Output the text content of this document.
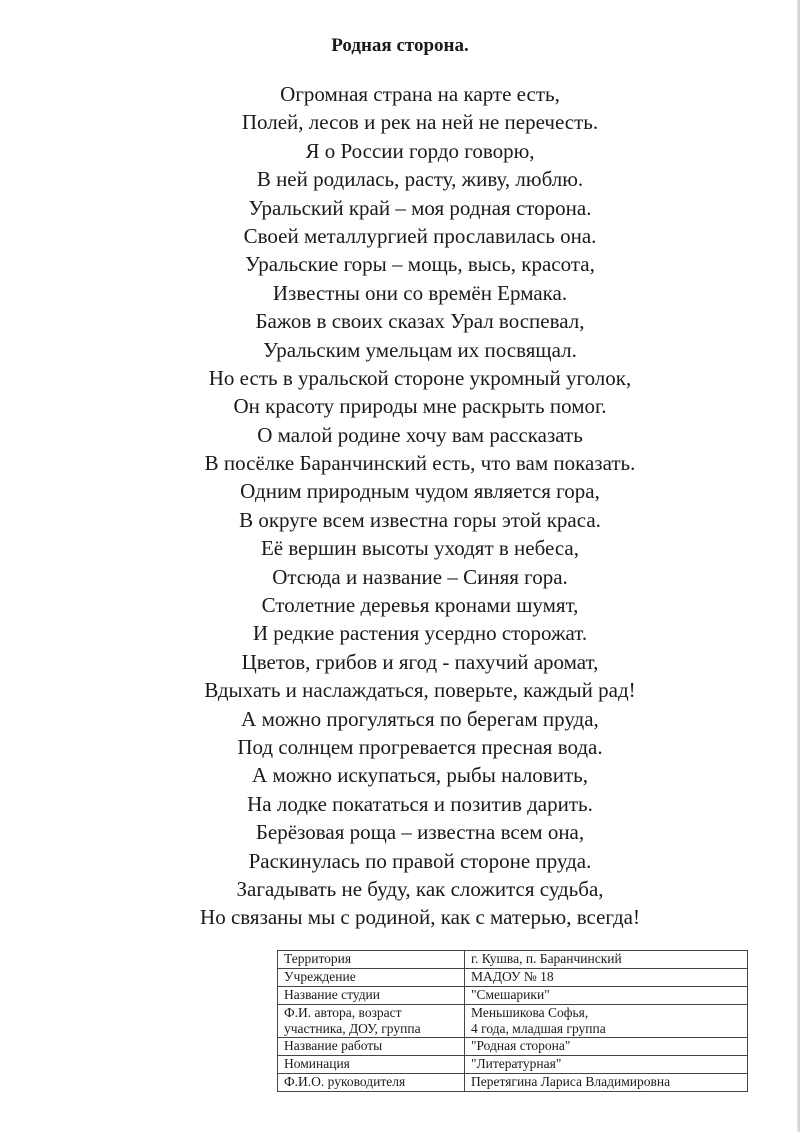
Родная сторона.
Огромная страна на карте есть,
Полей, лесов и рек на ней не перечесть.
Я о России гордо говорю,
В ней родилась, расту, живу, люблю.
Уральский край – моя родная сторона.
Своей металлургией прославилась она.
Уральские горы – мощь, высь, красота,
Известны они со времён Ермака.
Бажов в своих сказах Урал воспевал,
Уральским умельцам их посвящал.
Но есть в уральской стороне укромный уголок,
Он красоту природы мне раскрыть помог.
О малой родине хочу вам рассказать
В посёлке Баранчинский есть, что вам показать.
Одним природным чудом является гора,
В округе всем известна горы этой краса.
Её вершин высоты уходят в небеса,
Отсюда и название – Синяя гора.
Столетние деревья кронами шумят,
И редкие растения усердно сторожат.
Цветов, грибов и ягод - пахучий аромат,
Вдыхать и наслаждаться, поверьте, каждый рад!
А можно прогуляться по берегам пруда,
Под солнцем прогревается пресная вода.
А можно искупаться, рыбы наловить,
На лодке покататься и позитив дарить.
Берёзовая роща – известна всем она,
Раскинулась по правой стороне пруда.
Загадывать не буду, как сложится судьба,
Но связаны мы с родиной, как с матерью, всегда!
Территория	г. Кушва, п. Баранчинский

Учреждение	МАДОУ № 18

Название студии	"Смешарики"

Ф.И. автора, возраст
участника, ДОУ, группа	Меньшикова Софья,
4 года, младшая группа

Название работы	"Родная сторона"

Номинация	"Литературная"

Ф.И.О. руководителя	Перетягина Лариса Владимировна
